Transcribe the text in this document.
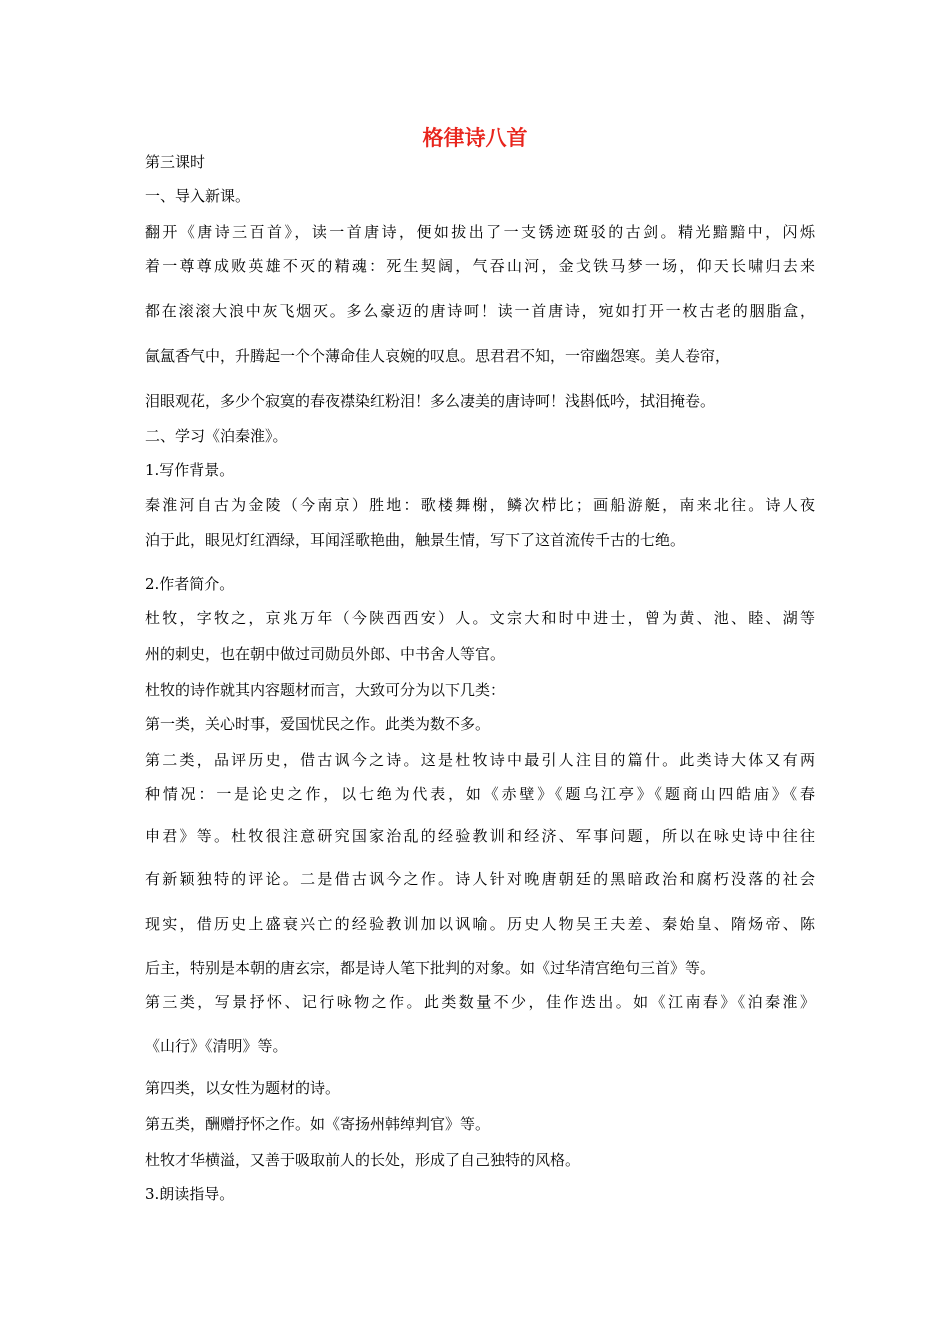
格律诗八首

第三课时

一、导入新课。

翻开《唐诗三百首》，读一首唐诗，便如拔出了一支锈迹斑驳的古剑。精光黯黯中，闪烁

着一尊尊成败英雄不灭的精魂：死生契阔，气吞山河，金戈铁马梦一场，仰天长啸归去来

都在滚滚大浪中灰飞烟灭。多么豪迈的唐诗呵！读一首唐诗，宛如打开一枚古老的胭脂盒，

氤氲香气中，升腾起一个个薄命佳人哀婉的叹息。思君君不知，一帘幽怨寒。美人卷帘，

泪眼观花，多少个寂寞的春夜襟染红粉泪！多么凄美的唐诗呵！浅斟低吟，拭泪掩卷。

二、学习《泊秦淮》。

1.写作背景。

秦淮河自古为金陵（今南京）胜地：歌楼舞榭，鳞次栉比；画船游艇，南来北往。诗人夜

泊于此，眼见灯红酒绿，耳闻淫歌艳曲，触景生情，写下了这首流传千古的七绝。

2.作者简介。

杜牧，字牧之，京兆万年（今陕西西安）人。文宗大和时中进士，曾为黄、池、睦、湖等

州的刺史，也在朝中做过司勋员外郎、中书舍人等官。

杜牧的诗作就其内容题材而言，大致可分为以下几类：

第一类，关心时事，爱国忧民之作。此类为数不多。

第二类，品评历史，借古讽今之诗。这是杜牧诗中最引人注目的篇什。此类诗大体又有两

种情况：一是论史之作，以七绝为代表，如《赤壁》《题乌江亭》《题商山四皓庙》《春

申君》等。杜牧很注意研究国家治乱的经验教训和经济、军事问题，所以在咏史诗中往往

有新颖独特的评论。二是借古讽今之作。诗人针对晚唐朝廷的黑暗政治和腐朽没落的社会

现实，借历史上盛衰兴亡的经验教训加以讽喻。历史人物吴王夫差、秦始皇、隋炀帝、陈

后主，特别是本朝的唐玄宗，都是诗人笔下批判的对象。如《过华清宫绝句三首》等。

第三类，写景抒怀、记行咏物之作。此类数量不少，佳作迭出。如《江南春》《泊秦淮》

《山行》《清明》等。

第四类，以女性为题材的诗。

第五类，酬赠抒怀之作。如《寄扬州韩绰判官》等。

杜牧才华横溢，又善于吸取前人的长处，形成了自己独特的风格。

3.朗读指导。
